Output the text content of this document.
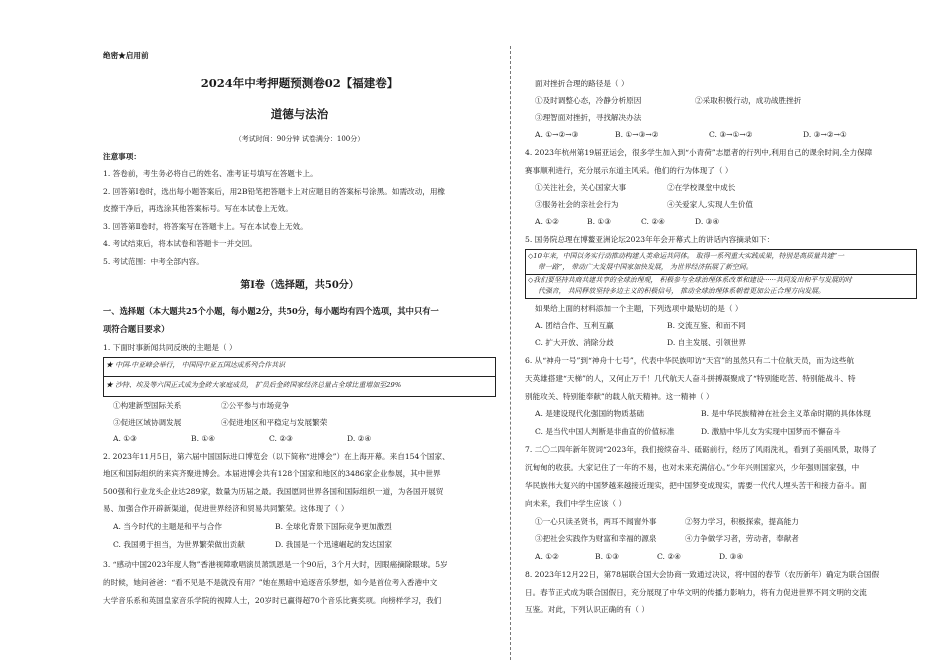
绝密★启用前
2024年中考押题预测卷02【福建卷】
道德与法治
（考试时间：90分钟 试卷满分：100分）
注意事项：
1. 答卷前，考生务必将自己的姓名、准考证号填写在答题卡上。
2. 回答第Ⅰ卷时，选出每小题答案后，用2B铅笔把答题卡上对应题目的答案标号涂黑。如需改动，用橡
皮擦干净后，再选涂其他答案标号。写在本试卷上无效。
3. 回答第Ⅱ卷时，将答案写在答题卡上。写在本试卷上无效。
4. 考试结束后，将本试卷和答题卡一并交回。
5. 考试范围：中考全部内容。
第Ⅰ卷（选择题，共50分）
一、选择题（本大题共25个小题，每小题2分，共50分，每小题均有四个选项，其中只有一
项符合题目要求）
1. 下面时事新闻共同反映的主题是（ ）
★ 中国-中亚峰会举行， 中国同中亚五国达成系列合作共识
★ 沙特、埃及等六国正式成为金砖大家庭成员， 扩员后金砖国家经济总量占全球比重增加至29%
①构建新型国际关系	②公平参与市场竞争
③促进区域协调发展	④促进地区和平稳定与发展繁荣
A. ①③	B. ①④	C. ②③	D. ②④
2. 2023年11月5日，第六届中国国际进口博览会（以下简称“进博会”）在上海开幕。来自154个国家、
地区和国际组织的来宾齐聚进博会。本届进博会共有128个国家和地区的3486家企业参展，其中世界
500强和行业龙头企业达289家，数量为历届之最。我国愿同世界各国和国际组织一道，为各国开展贸
易、加强合作开辟新渠道，促进世界经济和贸易共同繁荣。这体现了（ ）
A. 当今时代的主题是和平与合作	B. 全球化背景下国际竞争更加激烈
C. 我国勇于担当，为世界繁荣做出贡献	D. 我国是一个迅速崛起的发达国家
3. “感动中国2023年度人物”香港视障歌唱演员萧凯恩是一个90后，3个月大时，因眼癌摘除眼球。5岁
的时候，她问爸爸：“看不见是不是就没有用？”她在黑暗中追逐音乐梦想，如今是首位考入香港中文
大学音乐系和英国皇家音乐学院的视障人士，20岁时已赢得超70个音乐比赛奖项。向榜样学习，我们
面对挫折合理的路径是（ ）
①及时调整心态，冷静分析原因	②采取积极行动，成功战胜挫折
③理智面对挫折，寻找解决办法
A. ①→②→③	B. ①→③→②	C. ③→①→②	D. ③→②→①
4. 2023年杭州第19届亚运会，很多学生加入到“小青荷”志愿者的行列中,利用自己的课余时间,全力保障
赛事顺利进行，充分展示东道主风采。他们的行为体现了（ ）
①关注社会，关心国家大事	②在学校课堂中成长
③服务社会的亲社会行为	④关爱家人,实现人生价值
A. ①②	B. ①③	C. ②④	D. ③④
5. 国务院总理在博鳌亚洲论坛2023年年会开幕式上的讲话内容摘录如下：
◇10年来，中国以务实行动推动构建人类命运共同体。 取得一系列重大实践成果，特别是高质量共建“一
带一路”， 带动广大发展中国家加快发展， 为世界经济拓展了新空间。
◇我们要坚持共商共建共享的全球治理观， 积极参与全球治理体系改革和建设······共同发出和平与发展的时
代强音， 共同释放坚持多边主义的积极信号， 推动全球治理体系朝着更加公正合理方向发展。
如果给上面的材料添加一个主题，下列选项中最贴切的是（ ）
A. 团结合作、互利互赢	B. 交流互鉴、和而不同
C. 扩大开放、消除分歧	D. 自主发展、引领世界
6. 从“神舟一号”到“神舟十七号”，代表中华民族叩访“天宫”的虽然只有二十位航天员，而为这些航
天英雄搭建“天梯”的人，又何止万千！几代航天人奋斗拼搏凝聚成了“特别能吃苦、特别能战斗、特
别能攻关、特别能奉献”的载人航天精神。这一精神（ ）
A. 是建设现代化强国的物质基础	B. 是中华民族精神在社会主义革命时期的具体体现
C. 是当代中国人判断是非曲直的价值标准	D. 激励中华儿女为实现中国梦而不懈奋斗
7. 二〇二四年新年贺词“2023年，我们接续奋斗、砥砺前行，经历了风雨洗礼，看到了美丽风景，取得了
沉甸甸的收获。大家记住了一年的不易，也对未来充满信心。”少年兴则国家兴，少年强则国家强，中
华民族伟大复兴的中国梦越来越接近现实，把中国梦变成现实，需要一代代人埋头苦干和接力奋斗。面
向未来，我们中学生应该（ ）
①一心只读圣贤书，两耳不闻窗外事	②努力学习，积极探索，提高能力
③把社会实践作为财富和幸福的源泉	④力争做学习者，劳动者，奉献者
A. ①②	B. ①③	C. ②④	D. ③④
8. 2023年12月22日，第78届联合国大会协商一致通过决议，将中国的春节（农历新年）确定为联合国假
日。春节正式成为联合国假日，充分展现了中华文明的传播力影响力，将有力促进世界不同文明的交流
互鉴。对此，下列认识正确的有（ ）
